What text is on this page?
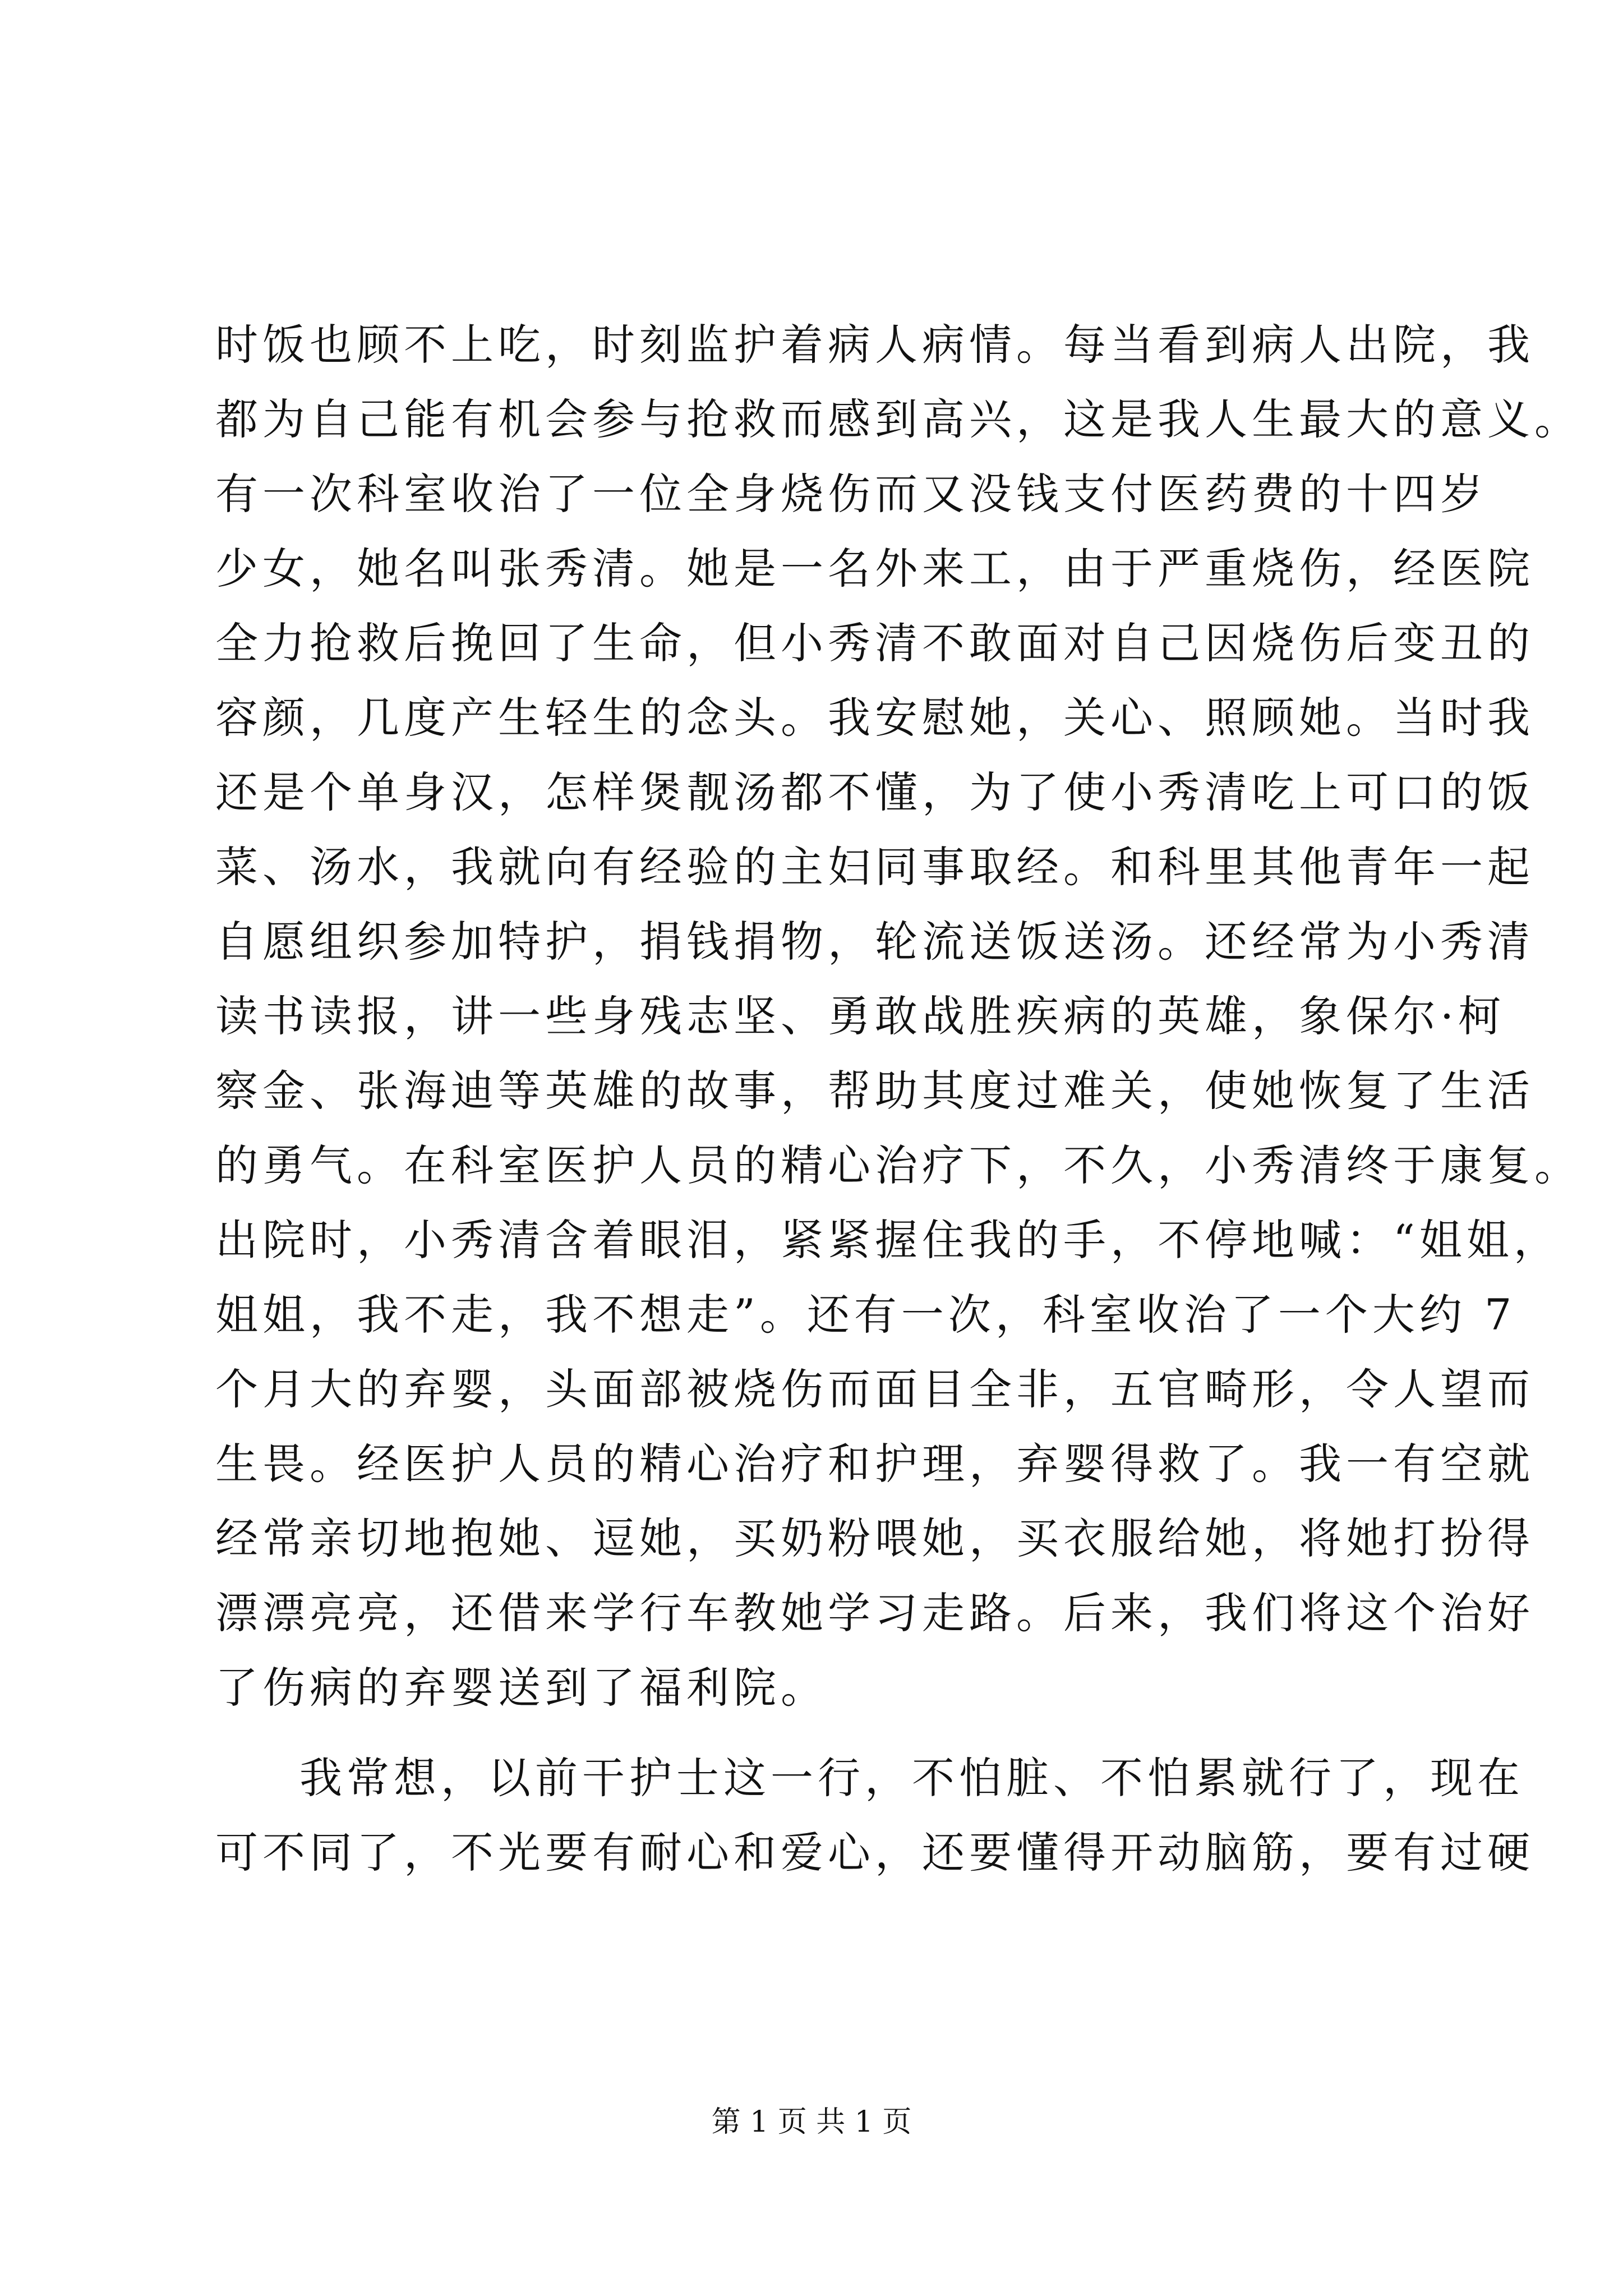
时饭也顾不上吃，时刻监护着病人病情。每当看到病人出院，我
都为自己能有机会参与抢救而感到高兴，这是我人生最大的意义。
有一次科室收治了一位全身烧伤而又没钱支付医药费的十四岁
少女，她名叫张秀清。她是一名外来工，由于严重烧伤，经医院
全力抢救后挽回了生命，但小秀清不敢面对自己因烧伤后变丑的
容颜，几度产生轻生的念头。我安慰她，关心、照顾她。当时我
还是个单身汉，怎样煲靓汤都不懂，为了使小秀清吃上可口的饭
菜、汤水，我就向有经验的主妇同事取经。和科里其他青年一起
自愿组织参加特护，捐钱捐物，轮流送饭送汤。还经常为小秀清
读书读报，讲一些身残志坚、勇敢战胜疾病的英雄，象保尔·柯
察金、张海迪等英雄的故事，帮助其度过难关，使她恢复了生活
的勇气。在科室医护人员的精心治疗下，不久，小秀清终于康复。
出院时，小秀清含着眼泪，紧紧握住我的手，不停地喊：“姐姐，
姐姐，我不走，我不想走”。还有一次，科室收治了一个大约 7
个月大的弃婴，头面部被烧伤而面目全非，五官畸形，令人望而
生畏。经医护人员的精心治疗和护理，弃婴得救了。我一有空就
经常亲切地抱她、逗她，买奶粉喂她，买衣服给她，将她打扮得
漂漂亮亮，还借来学行车教她学习走路。后来，我们将这个治好
了伤病的弃婴送到了福利院。
我常想，以前干护士这一行，不怕脏、不怕累就行了，现在
可不同了，不光要有耐心和爱心，还要懂得开动脑筋，要有过硬
第 1 页 共 1 页
